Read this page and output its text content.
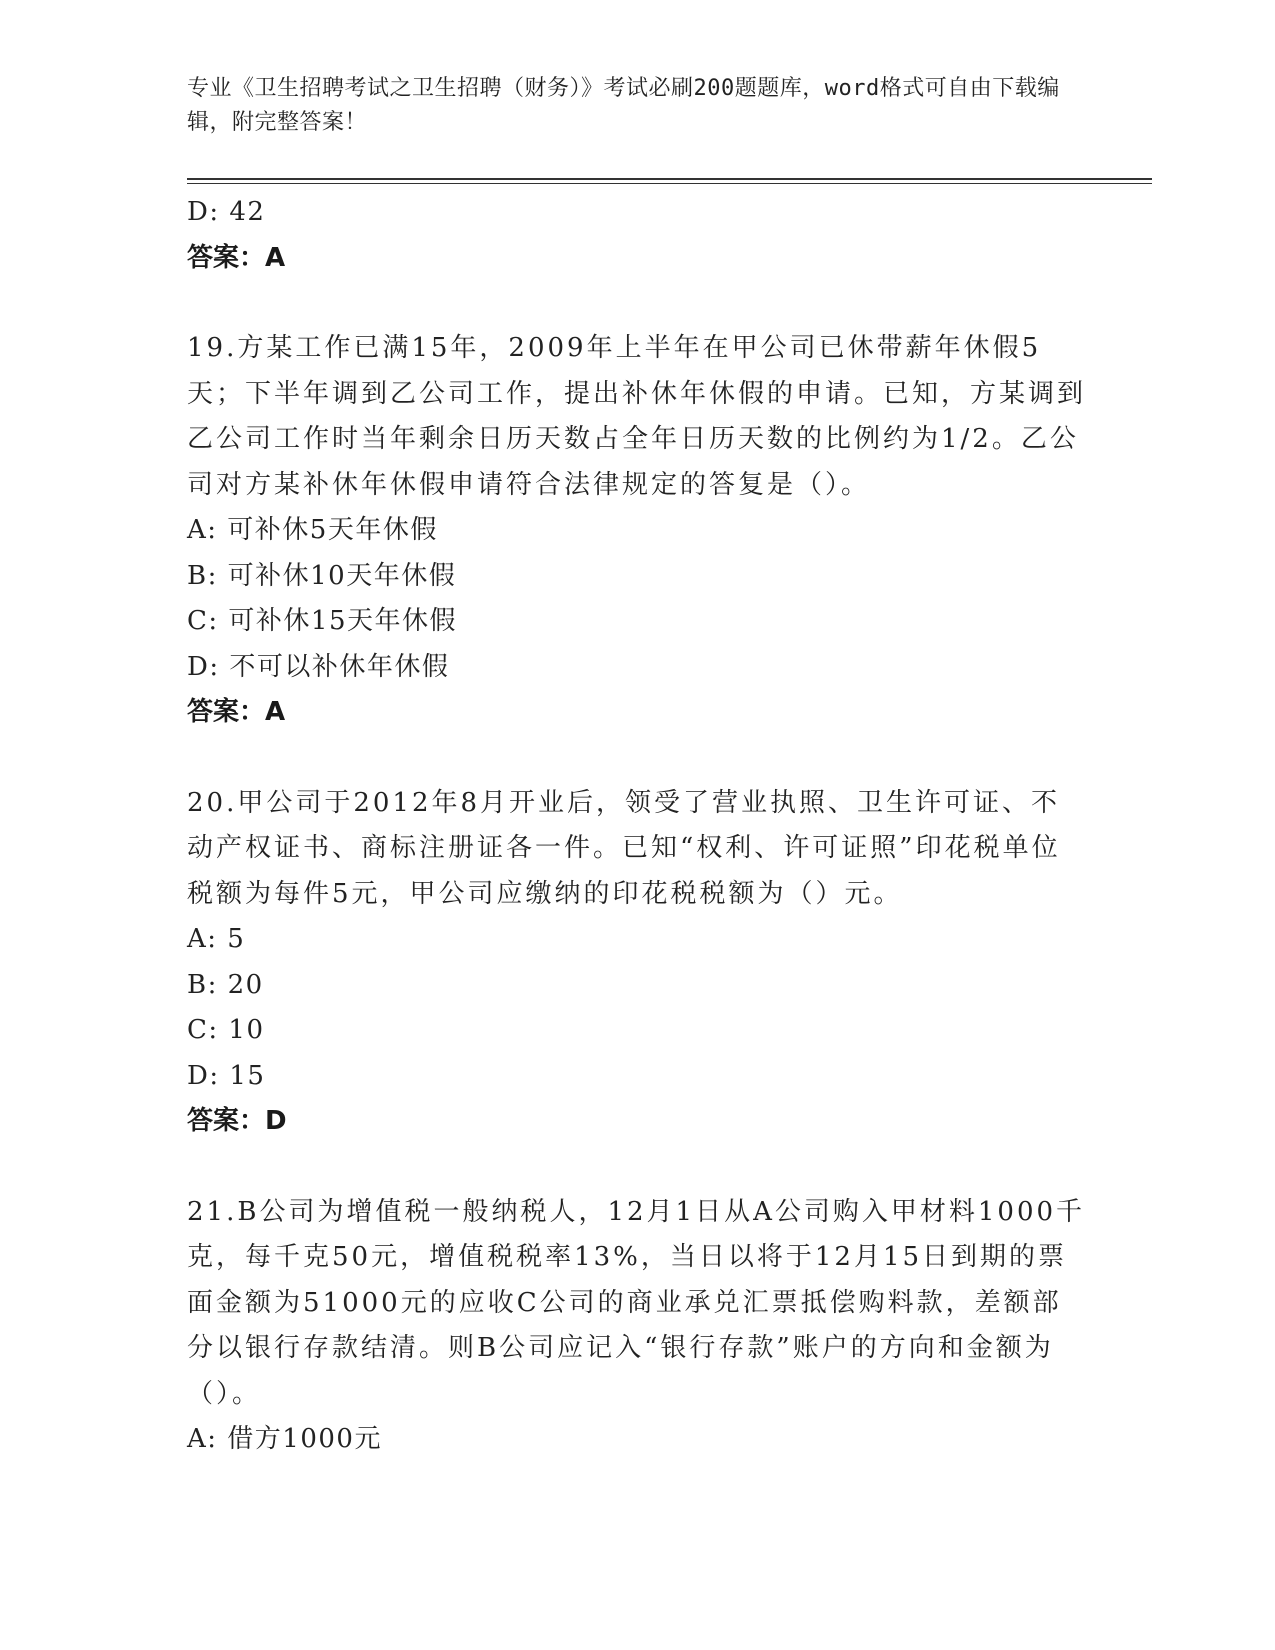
专业《卫生招聘考试之卫生招聘（财务）》考试必刷200题题库，word格式可自由下载编辑，附完整答案！
D: 42
答案：A
19.方某工作已满15年，2009年上半年在甲公司已休带薪年休假5天；下半年调到乙公司工作，提出补休年休假的申请。已知，方某调到乙公司工作时当年剩余日历天数占全年日历天数的比例约为1/2。乙公司对方某补休年休假申请符合法律规定的答复是（）。
A: 可补休5天年休假
B: 可补休10天年休假
C: 可补休15天年休假
D: 不可以补休年休假
答案：A
20.甲公司于2012年8月开业后，领受了营业执照、卫生许可证、不动产权证书、商标注册证各一件。已知“权利、许可证照”印花税单位税额为每件5元，甲公司应缴纳的印花税税额为（）元。
A: 5
B: 20
C: 10
D: 15
答案：D
21.B公司为增值税一般纳税人，12月1日从A公司购入甲材料1000千克，每千克50元，增值税税率13%，当日以将于12月15日到期的票面金额为51000元的应收C公司的商业承兑汇票抵偿购料款，差额部分以银行存款结清。则B公司应记入“银行存款”账户的方向和金额为（）。
A: 借方1000元
